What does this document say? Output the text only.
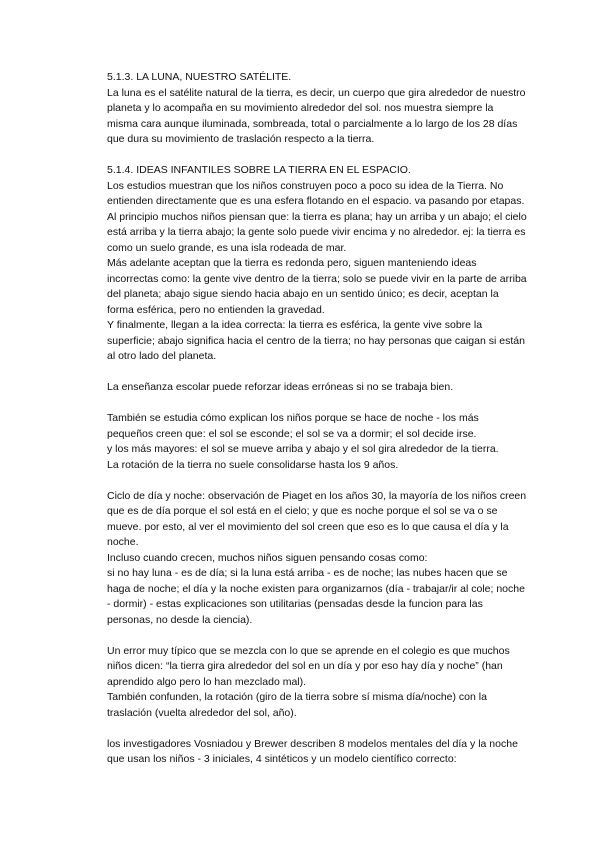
5.1.3. LA LUNA, NUESTRO SATÉLITE.

La luna es el satélite natural de la tierra, es decir, un cuerpo que gira alrededor de nuestro planeta y lo acompaña en su movimiento alrededor del sol. nos muestra siempre la misma cara aunque iluminada, sombreada, total o parcialmente a lo largo de los 28 días que dura su movimiento de traslación respecto a la tierra.

5.1.4. IDEAS INFANTILES SOBRE LA TIERRA EN EL ESPACIO.

Los estudios muestran que los niños construyen poco a poco su idea de la Tierra. No entienden directamente que es una esfera flotando en el espacio. va pasando por etapas.

Al principio muchos niños piensan que: la tierra es plana; hay un arriba y un abajo; el cielo está arriba y la tierra abajo; la gente solo puede vivir encima y no alrededor. ej: la tierra es como un suelo grande, es una isla rodeada de mar.

Más adelante aceptan que la tierra es redonda pero, siguen manteniendo ideas incorrectas como: la gente vive dentro de la tierra; solo se puede vivir en la parte de arriba del planeta; abajo sigue siendo hacia abajo en un sentido único; es decir, aceptan la forma esférica, pero no entienden la gravedad.

Y finalmente, llegan a la idea correcta: la tierra es esférica, la gente vive sobre la superficie; abajo significa hacia el centro de la tierra; no hay personas que caigan si están al otro lado del planeta.

La enseñanza escolar puede reforzar ideas erróneas si no se trabaja bien.

También se estudia cómo explican los niños porque se hace de noche - los más pequeños creen que: el sol se esconde; el sol se va a dormir; el sol decide irse.

y los más mayores: el sol se mueve arriba y abajo y el sol gira alrededor de la tierra.

La rotación de la tierra no suele consolidarse hasta los 9 años.

Ciclo de día y noche: observación de Piaget en los años 30, la mayoría de los niños creen que es de día porque el sol está en el cielo; y que es noche porque el sol se va o se mueve. por esto, al ver el movimiento del sol creen que eso es lo que causa el día y la noche.

Incluso cuando crecen, muchos niños siguen pensando cosas como:

si no hay luna - es de día; si la luna está arriba - es de noche; las nubes hacen que se haga de noche; el día y la noche existen para organizarnos (día - trabajar/ir al cole; noche - dormir) - estas explicaciones son utilitarias (pensadas desde la funcion para las personas, no desde la ciencia).

Un error muy típico que se mezcla con lo que se aprende en el colegio es que muchos niños dicen: “la tierra gira alrededor del sol en un día y por eso hay día y noche” (han aprendido algo pero lo han mezclado mal).

También confunden, la rotación (giro de la tierra sobre sí misma día/noche) con la traslación (vuelta alrededor del sol, año).

los investigadores Vosniadou y Brewer describen 8 modelos mentales del día y la noche que usan los niños - 3 iniciales, 4 sintéticos y un modelo científico correcto:
